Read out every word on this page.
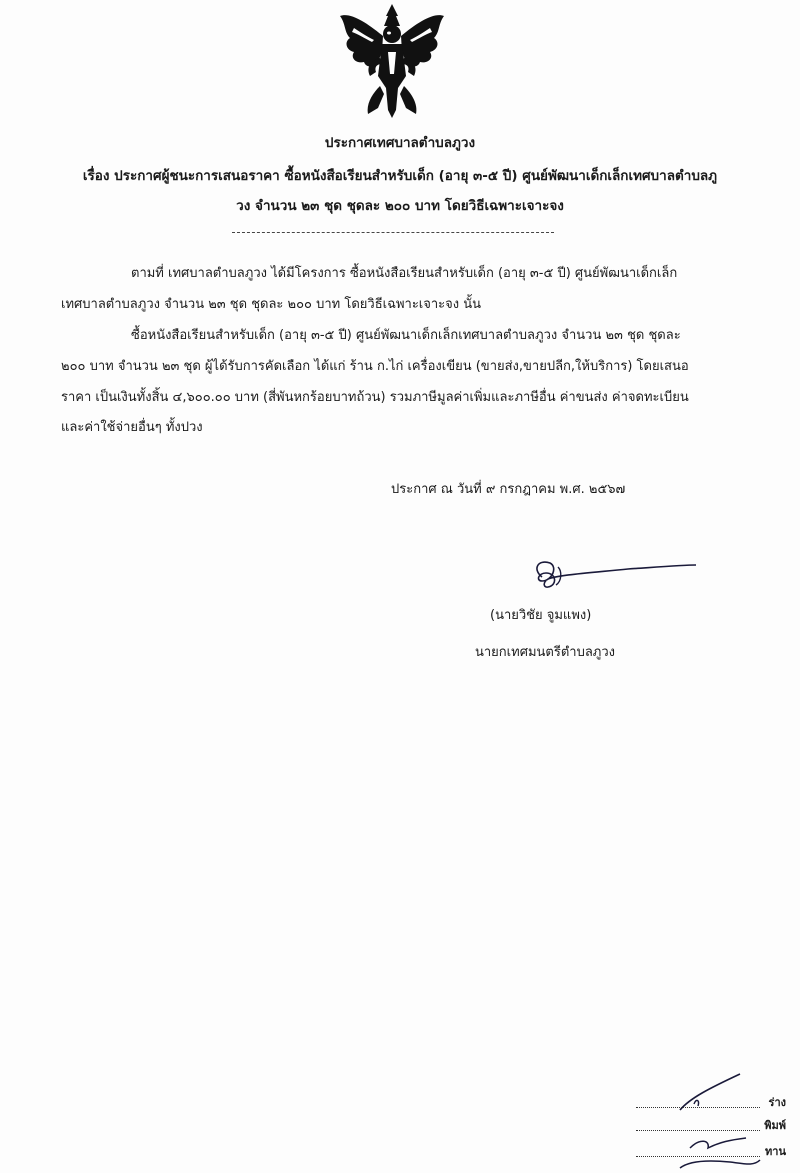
ประกาศเทศบาลตำบลภูวง
เรื่อง ประกาศผู้ชนะการเสนอราคา ซื้อหนังสือเรียนสำหรับเด็ก (อายุ ๓-๕ ปี) ศูนย์พัฒนาเด็กเล็กเทศบาลตำบลภู
วง จำนวน ๒๓ ชุด ชุดละ ๒๐๐ บาท โดยวิธีเฉพาะเจาะจง
ตามที่ เทศบาลตำบลภูวง ได้มีโครงการ ซื้อหนังสือเรียนสำหรับเด็ก (อายุ ๓-๕ ปี) ศูนย์พัฒนาเด็กเล็ก
เทศบาลตำบลภูวง จำนวน ๒๓ ชุด ชุดละ ๒๐๐ บาท โดยวิธีเฉพาะเจาะจง นั้น
ซื้อหนังสือเรียนสำหรับเด็ก (อายุ ๓-๕ ปี) ศูนย์พัฒนาเด็กเล็กเทศบาลตำบลภูวง จำนวน ๒๓ ชุด ชุดละ
๒๐๐ บาท จำนวน ๒๓ ชุด ผู้ได้รับการคัดเลือก ได้แก่ ร้าน ก.ไก่ เครื่องเขียน (ขายส่ง,ขายปลีก,ให้บริการ) โดยเสนอ
ราคา เป็นเงินทั้งสิ้น ๔,๖๐๐.๐๐ บาท (สี่พันหกร้อยบาทถ้วน) รวมภาษีมูลค่าเพิ่มและภาษีอื่น ค่าขนส่ง ค่าจดทะเบียน
และค่าใช้จ่ายอื่นๆ ทั้งปวง
ประกาศ ณ วันที่ ๙ กรกฎาคม พ.ศ. ๒๕๖๗
(นายวิชัย จูมแพง)
นายกเทศมนตรีตำบลภูวง
ร่าง
พิมพ์
ทาน
